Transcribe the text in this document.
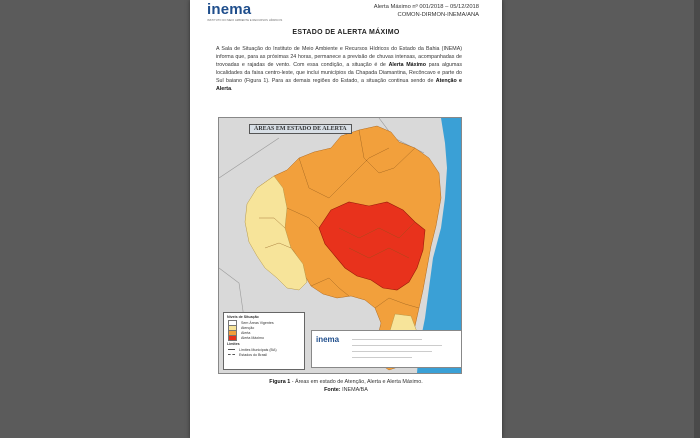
inema
INSTITUTO DO MEIO AMBIENTE E RECURSOS HÍDRICOS
Alerta Máximo nº 001/2018 – 05/12/2018
COMON-DIRMON-INEMA/ANA
ESTADO DE ALERTA MÁXIMO
A Sala de Situação do Instituto de Meio Ambiente e Recursos Hídricos do Estado da Bahia (INEMA) informa que, para as próximas 24 horas, permanece a previsão de chuvas intensas, acompanhadas de trovoadas e rajadas de vento. Com essa condição, a situação é de Alerta Máximo para algumas localidades da faixa centro-leste, que inclui municípios da Chapada Diamantina, Recôncavo e parte do Sul baiano (Figura 1). Para as demais regiões do Estado, a situação continua sendo de Atenção e Alerta.
ÁREAS EM ESTADO DE ALERTA
Níveis de Situação
Sem Áreas Vigentes
Atenção
Alerta
Alerta Máximo
Limites
Limites Municipais (BA)
Estados do Brasil
inema
Figura 1 - Áreas em estado de Atenção, Alerta e Alerta Máximo.
Fonte: INEMA/BA
